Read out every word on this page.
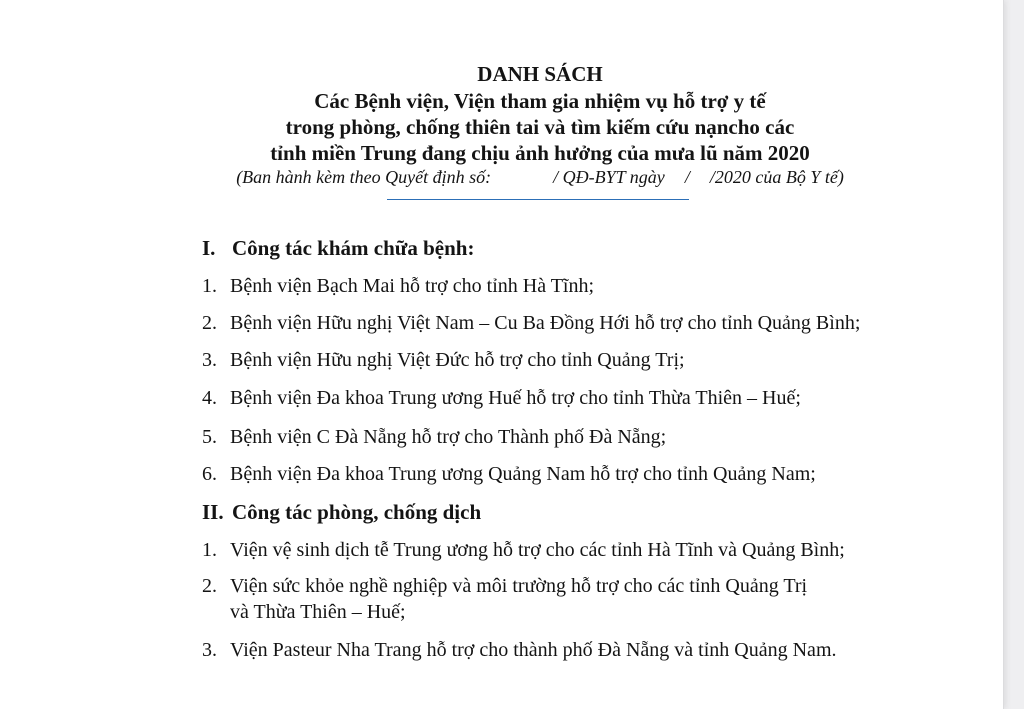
DANH SÁCH
Các Bệnh viện, Viện tham gia nhiệm vụ hỗ trợ y tế
trong phòng, chống thiên tai và tìm kiếm cứu nạncho các
tỉnh miền Trung đang chịu ảnh hưởng của mưa lũ năm 2020
(Ban hành kèm theo Quyết định số:	/ QĐ-BYT ngày / /2020 của Bộ Y tế)
I. Công tác khám chữa bệnh:
1. Bệnh viện Bạch Mai hỗ trợ cho tỉnh Hà Tĩnh;
2. Bệnh viện Hữu nghị Việt Nam – Cu Ba Đồng Hới hỗ trợ cho tỉnh Quảng Bình;
3. Bệnh viện Hữu nghị Việt Đức hỗ trợ cho tỉnh Quảng Trị;
4. Bệnh viện Đa khoa Trung ương Huế hỗ trợ cho tỉnh Thừa Thiên – Huế;
5. Bệnh viện C Đà Nẵng hỗ trợ cho Thành phố Đà Nẵng;
6. Bệnh viện Đa khoa Trung ương Quảng Nam hỗ trợ cho tỉnh Quảng Nam;
II. Công tác phòng, chống dịch
1. Viện vệ sinh dịch tễ Trung ương hỗ trợ cho các tỉnh Hà Tĩnh và Quảng Bình;
2. Viện sức khỏe nghề nghiệp và môi trường hỗ trợ cho các tỉnh Quảng Trị
và Thừa Thiên – Huế;
3. Viện Pasteur Nha Trang hỗ trợ cho thành phố Đà Nẵng và tỉnh Quảng Nam.
